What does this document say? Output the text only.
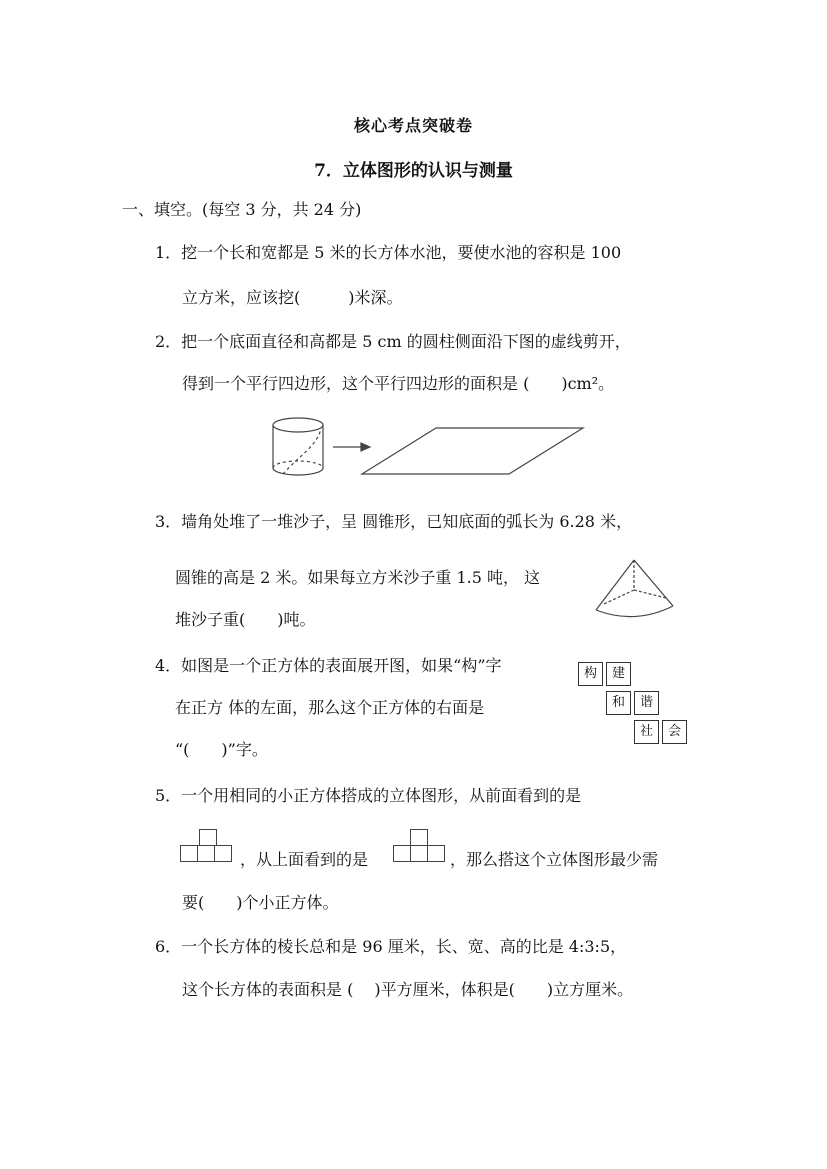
核心考点突破卷
7．立体图形的认识与测量
一、填空。(每空 3 分，共 24 分)
1．挖一个长和宽都是 5 米的长方体水池，要使水池的容积是 100
立方米，应该挖(　　　)米深。
2．把一个底面直径和高都是 5 cm 的圆柱侧面沿下图的虚线剪开，
得到一个平行四边形，这个平行四边形的面积是 (　　)cm²。
3．墙角处堆了一堆沙子，呈 圆锥形，已知底面的弧长为 6.28 米，
圆锥的高是 2 米。如果每立方米沙子重 1.5 吨， 这
堆沙子重(　　)吨。
4．如图是一个正方体的表面展开图，如果“构”字
在正方 体的左面，那么这个正方体的右面是
“(　　)”字。
构	建
和	谐
社	会
5．一个用相同的小正方体搭成的立体图形，从前面看到的是
，从上面看到的是	，那么搭这个立体图形最少需
要(　　)个小正方体。
6．一个长方体的棱长总和是 96 厘米，长、宽、高的比是 4:3:5，
这个长方体的表面积是 (　 )平方厘米，体积是(　　)立方厘米。
